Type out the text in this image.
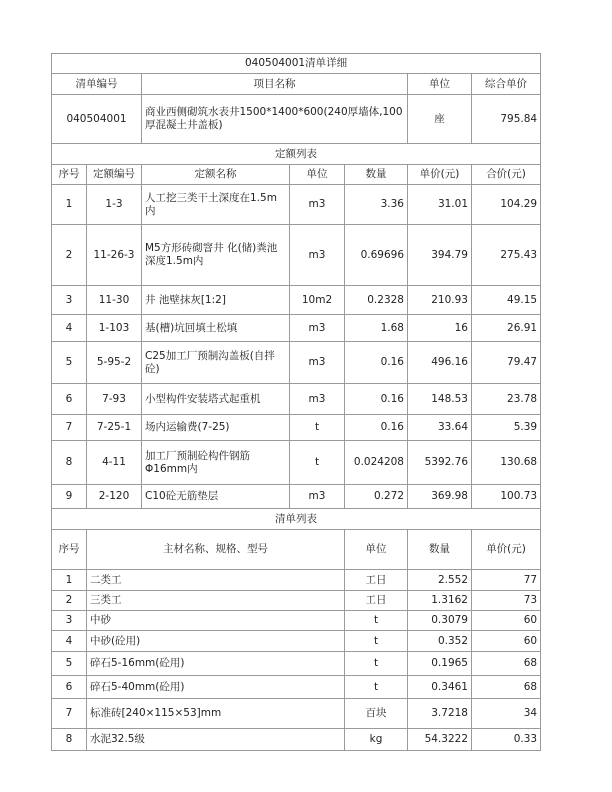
040504001清单详细							
清单编号		项目名称			单位	综合单价	
040504001		商业西侧砌筑水表井1500*1400*600(240厚墙体,100厚混凝土井盖板)			座	795.84	
定额列表							
序号	定额编号	定额名称	单位	数量	单价(元)	合价(元)	
1	1-3	人工挖三类干土深度在1.5m内	m3	3.36	31.01	104.29	
2	11-26-3	M5方形砖砌窨井 化(储)粪池深度1.5m内	m3	0.69696	394.79	275.43	
3	11-30	井 池壁抹灰[1:2]	10m2	0.2328	210.93	49.15	
4	1-103	基(槽)坑回填土松填	m3	1.68	16	26.91	
5	5-95-2	C25加工厂预制沟盖板(自拌砼)	m3	0.16	496.16	79.47	
6	7-93	小型构件安装塔式起重机	m3	0.16	148.53	23.78	
7	7-25-1	场内运输费(7-25)	t	0.16	33.64	5.39	
8	4-11	加工厂预制砼构件钢筋Φ16mm内	t	0.024208	5392.76	130.68	
9	2-120	C10砼无筋垫层	m3	0.272	369.98	100.73	
清单列表							
序号	主材名称、规格、型号			单位	数量	单价(元)	
1	二类工			工日	2.552	77	
2	三类工			工日	1.3162	73	
3	中砂			t	0.3079	60	
4	中砂(砼用)			t	0.352	60	
5	碎石5-16mm(砼用)			t	0.1965	68	
6	碎石5-40mm(砼用)			t	0.3461	68	
7	标准砖[240×115×53]mm			百块	3.7218	34	
8	水泥32.5级			kg	54.3222	0.33	
